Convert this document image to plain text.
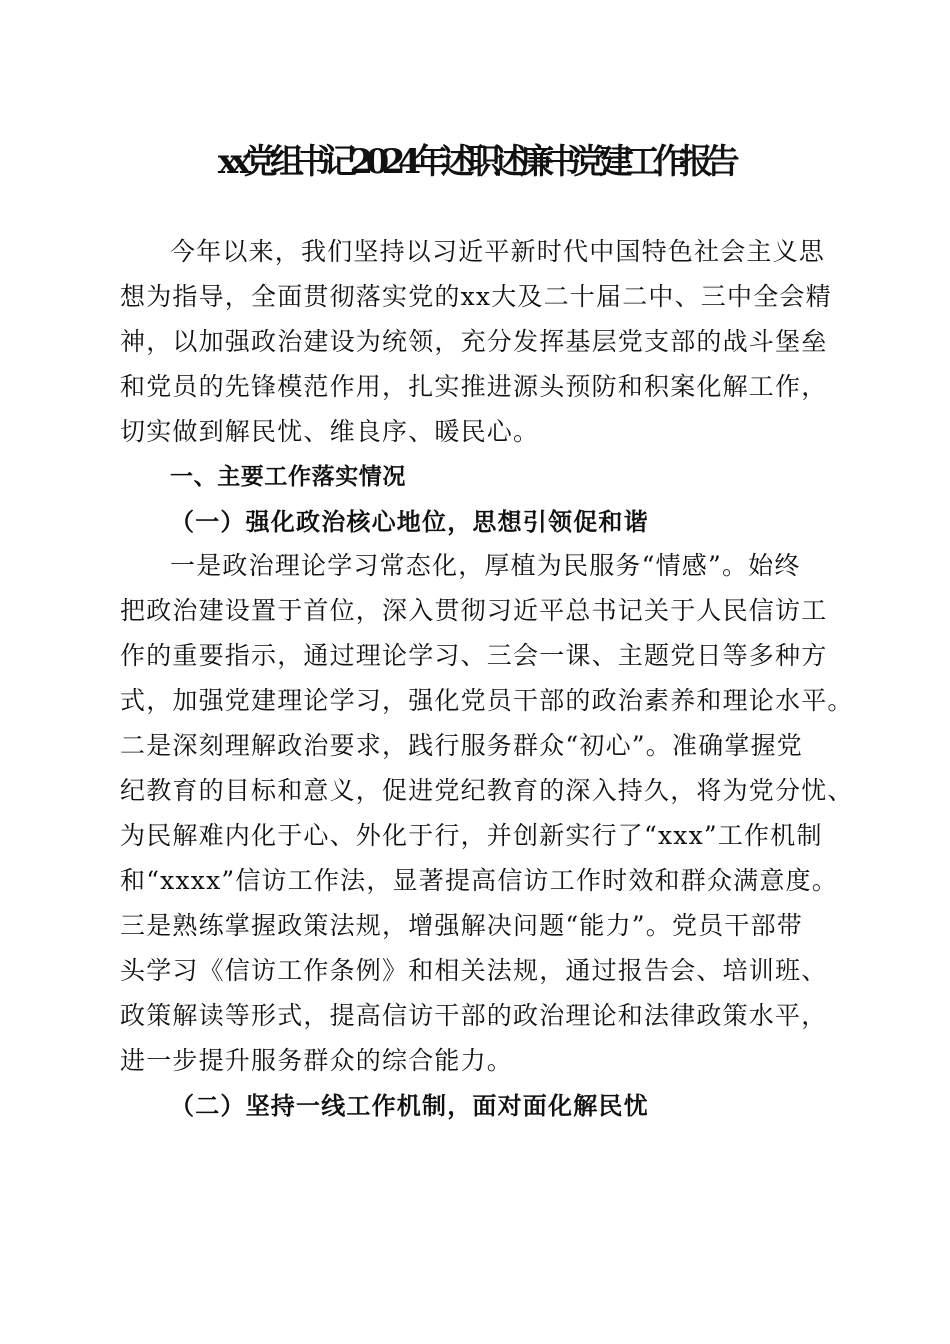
xx党组书记2024年述职述廉书党建工作报告
今年以来，我们坚持以习近平新时代中国特色社会主义思
想为指导，全面贯彻落实党的xx大及二十届二中、三中全会精
神，以加强政治建设为统领，充分发挥基层党支部的战斗堡垒
和党员的先锋模范作用，扎实推进源头预防和积案化解工作，
切实做到解民忧、维良序、暖民心。
一、主要工作落实情况
（一）强化政治核心地位，思想引领促和谐
一是政治理论学习常态化，厚植为民服务“情感”。始终
把政治建设置于首位，深入贯彻习近平总书记关于人民信访工
作的重要指示，通过理论学习、三会一课、主题党日等多种方
式，加强党建理论学习，强化党员干部的政治素养和理论水平。
二是深刻理解政治要求，践行服务群众“初心”。准确掌握党
纪教育的目标和意义，促进党纪教育的深入持久，将为党分忧、
为民解难内化于心、外化于行，并创新实行了“xxx”工作机制
和“xxxx”信访工作法，显著提高信访工作时效和群众满意度。
三是熟练掌握政策法规，增强解决问题“能力”。党员干部带
头学习《信访工作条例》和相关法规，通过报告会、培训班、
政策解读等形式，提高信访干部的政治理论和法律政策水平，
进一步提升服务群众的综合能力。
（二）坚持一线工作机制，面对面化解民忧
